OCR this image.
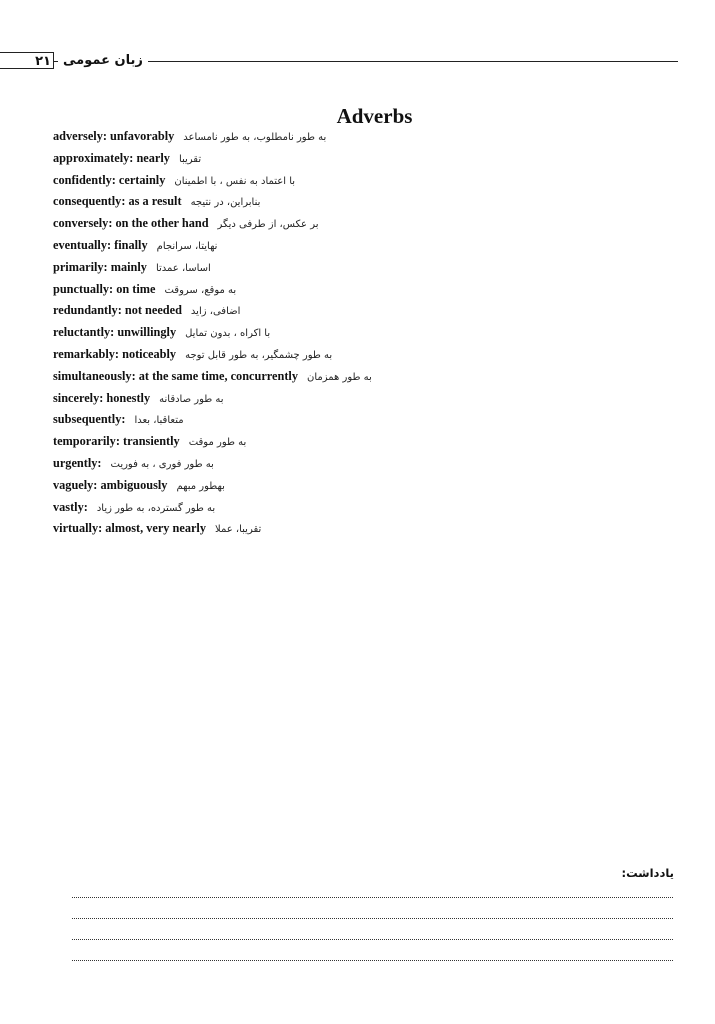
۲۱ زبان عمومی
Adverbs
adversely: unfavorably به طور نامطلوب، به طور نامساعد
approximately: nearly تقریبا
confidently: certainly با اعتماد به نفس ، با اطمینان
consequently: as a result بنابراین، در نتیجه
conversely: on the other hand بر عکس، از طرفی دیگر
eventually: finally نهایتا، سرانجام
primarily: mainly اساسا، عمدتا
punctually: on time به موقع، سروقت
redundantly: not needed اضافی، زاید
reluctantly: unwillingly با اکراه ، بدون تمایل
remarkably: noticeably به طور چشمگیر، به طور قابل توجه
simultaneously: at the same time, concurrently به طور همزمان
sincerely: honestly به طور صادقانه
subsequently: متعاقبا، بعدا
temporarily: transiently به طور موقت
urgently: به طور فوری ، به فوریت
vaguely: ambiguously بهطور مبهم
vastly: به طور گسترده، به طور زیاد
virtually: almost, very nearly تقریبا، عملا
یادداشت:
